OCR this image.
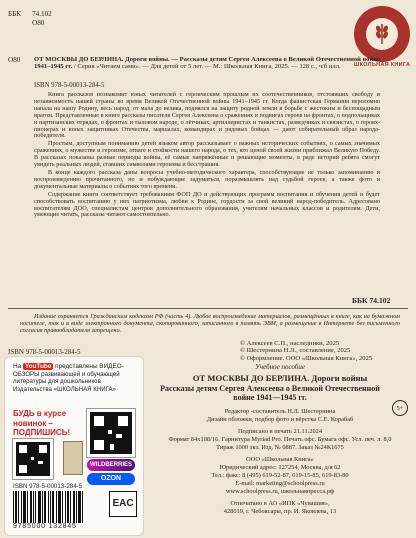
ББК 74.102
О80
ШКОЛЬНАЯ КНИГА
О80 ОТ МОСКВЫ ДО БЕРЛИНА. Дороги войны. — Рассказы детям Сергея Алексеева о Великой Отечественной войне 1941–1945 гг. / Серия «Читаем сами». — Для детей от 5 лет. — М.: Школьная Книга, 2025. — 128 с., ч/б илл.
ISBN 978-5-00013-284-5

Книга рассказов познакомит юных читателей с героическим прошлым их соотечественников, отстоявших свободу и независимость нашей страны во время Великой Отечественной войны 1941–1945 гг. Когда фашистская Германия вероломно напала на нашу Родину, весь народ, от мала до велика, поднялся на защиту родной земли в борьбе с жестоким и беспощадным врагом. Представленные в книге рассказы писателя Сергея Алексеева о сражениях и подвигах героев на фронтах, о подпольщиках и партизанских отрядах, о фронтах и тыловом народе, о лётчиках, артиллеристах и танкистах, разведчиках и связистах, о героях-пионерах и юных защитниках Отечества, маршалах, командирах и рядовых бойцах — дают собирательный образ народа-победителя.

Простым, доступным пониманию детей языком автор рассказывает о важных исторических событиях, о самых значимых сражениях, о мужестве и героизме, отваге и стойкости нашего народа, о тех, кто ценой своей жизни приближал Великую Победу. В рассказах показаны разные периоды войны, её самые напряжённые и решающие моменты, в ряде историй ребята смогут увидеть реальных людей, ставших символами героизма и бесстрашия.

В конце каждого рассказа даны вопросы учебно-методического характера, способствующие не только запоминанию и воспроизведению прочитанного, но и побуждающие задуматься, поразмышлять над судьбой героев, а также фото и документальные материалы о событиях того времени.

Содержание книги соответствует требованиям ФОП ДО и действующих программ воспитания и обучения детей и будет способствовать воспитанию у них патриотизма, любви к Родине, гордости за свой великий народ-победитель. Адресовано воспитателям ДОО, специалистам центров дополнительного образования, учителям начальных классов и родителям. Дети, умеющие читать, рассказы читают самостоятельно.

ББК 74.102
Издание охраняется Гражданским кодексом РФ (часть 4). Любое воспроизведение материалов, размещённых в книге, как на бумажном носителе, так и в виде электронного документа, скопированного, записанного в память ЭВМ, а размещение в Интернете без письменного согласия правообладателя запрещено.
ISBN 978-5-00013-284-5
© Алексеев С.П., наследники, 2025
© Шестернина Н.Л., составление, 2025
© Оформление. ООО «Школьная Книга», 2025
На YouTube представлены ВИДЕО-
ОБЗОРЫ развивающей и обучающей литературы для дошкольников Издательства «ШКОЛЬНАЯ КНИГА»
БУДЬ в курсе новинок – ПОДПИШИСЬ!
WILDBERRIES
OZON
ISBN 978-5-00013-284-5
9785000 132845
EAC
Учебное пособие
ОТ МОСКВЫ ДО БЕРЛИНА. Дороги войны
Рассказы детям Сергея Алексеева о Великой Отечественной войне 1941—1945 гг.
5+
Редактор -составитель Н.Л. Шестернина
Дизайн обложки, подбор фото и вёрстка С.Е. Корабаб
Подписано в печать 21.11.2024
Формат 84х108/16. Гарнитура Myriad Pro. Печать офс. Бумага офс. Усл. печ. л. 8,0
Тираж 1000 экз. Изд. № 0887. Заказ №24К1675
ООО «Школьная Книга»
Юридический адрес: 127254, Москва, д/я 62
Тел.: факс: 8 (495) 619-52-87, 619-15-85, 619-83-80
E-mail: marketing@schoolpress.ru
www.schoolpress.ru, школьнаяпресса.рф
Отпечатано в АО «ИПК «Чувашия»,
428019, г. Чебоксары, пр. И. Яковлева, 13
